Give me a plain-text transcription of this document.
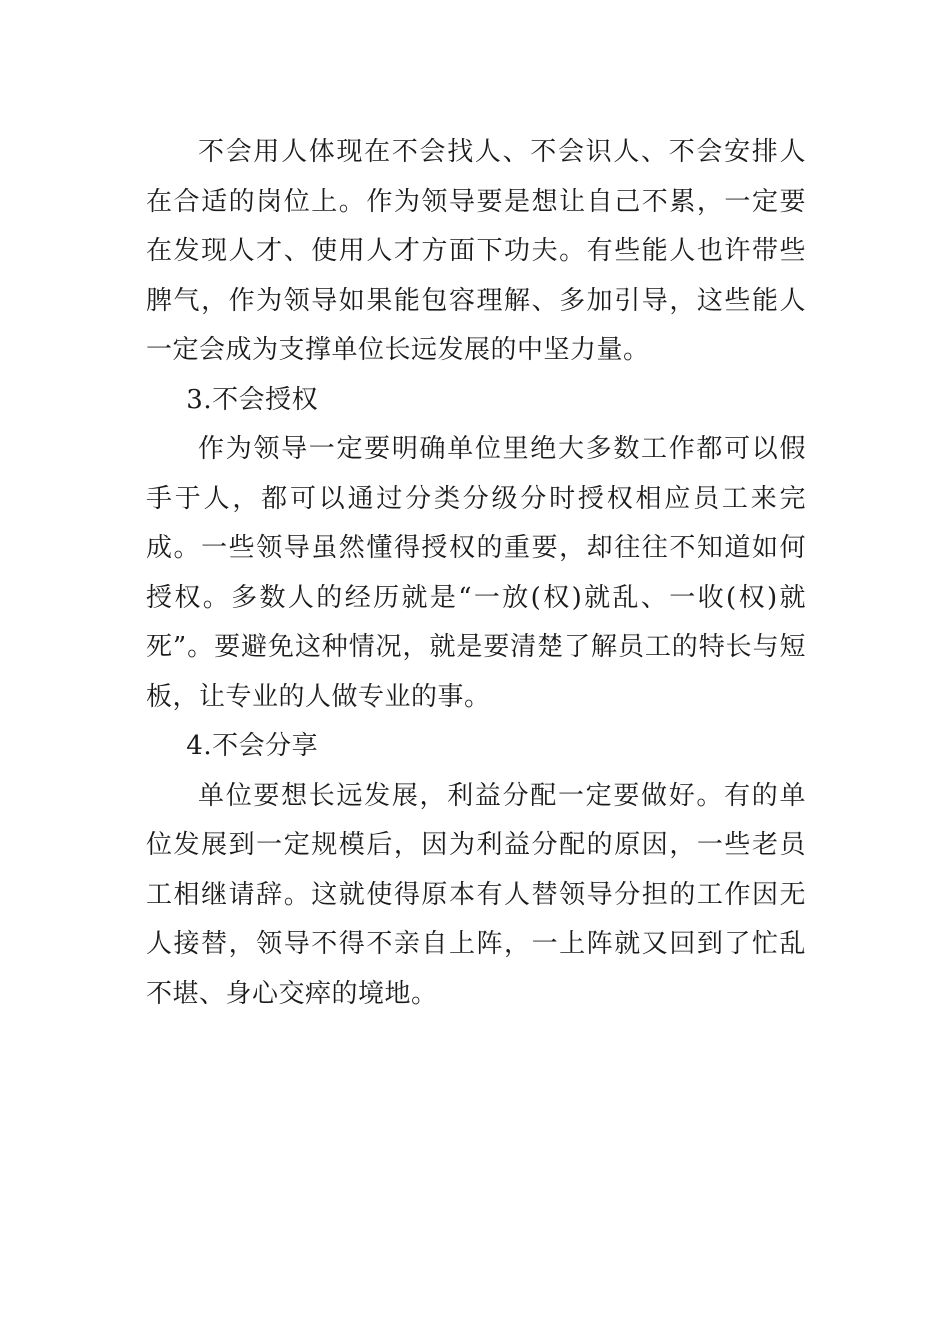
不会用人体现在不会找人、不会识人、不会安排人在合适的岗位上。作为领导要是想让自己不累，一定要在发现人才、使用人才方面下功夫。有些能人也许带些脾气，作为领导如果能包容理解、多加引导，这些能人一定会成为支撑单位长远发展的中坚力量。

3.不会授权

作为领导一定要明确单位里绝大多数工作都可以假手于人，都可以通过分类分级分时授权相应员工来完成。一些领导虽然懂得授权的重要，却往往不知道如何授权。多数人的经历就是“一放(权)就乱、一收(权)就死”。要避免这种情况，就是要清楚了解员工的特长与短板，让专业的人做专业的事。

4.不会分享

单位要想长远发展，利益分配一定要做好。有的单位发展到一定规模后，因为利益分配的原因，一些老员工相继请辞。这就使得原本有人替领导分担的工作因无人接替，领导不得不亲自上阵，一上阵就又回到了忙乱不堪、身心交瘁的境地。
